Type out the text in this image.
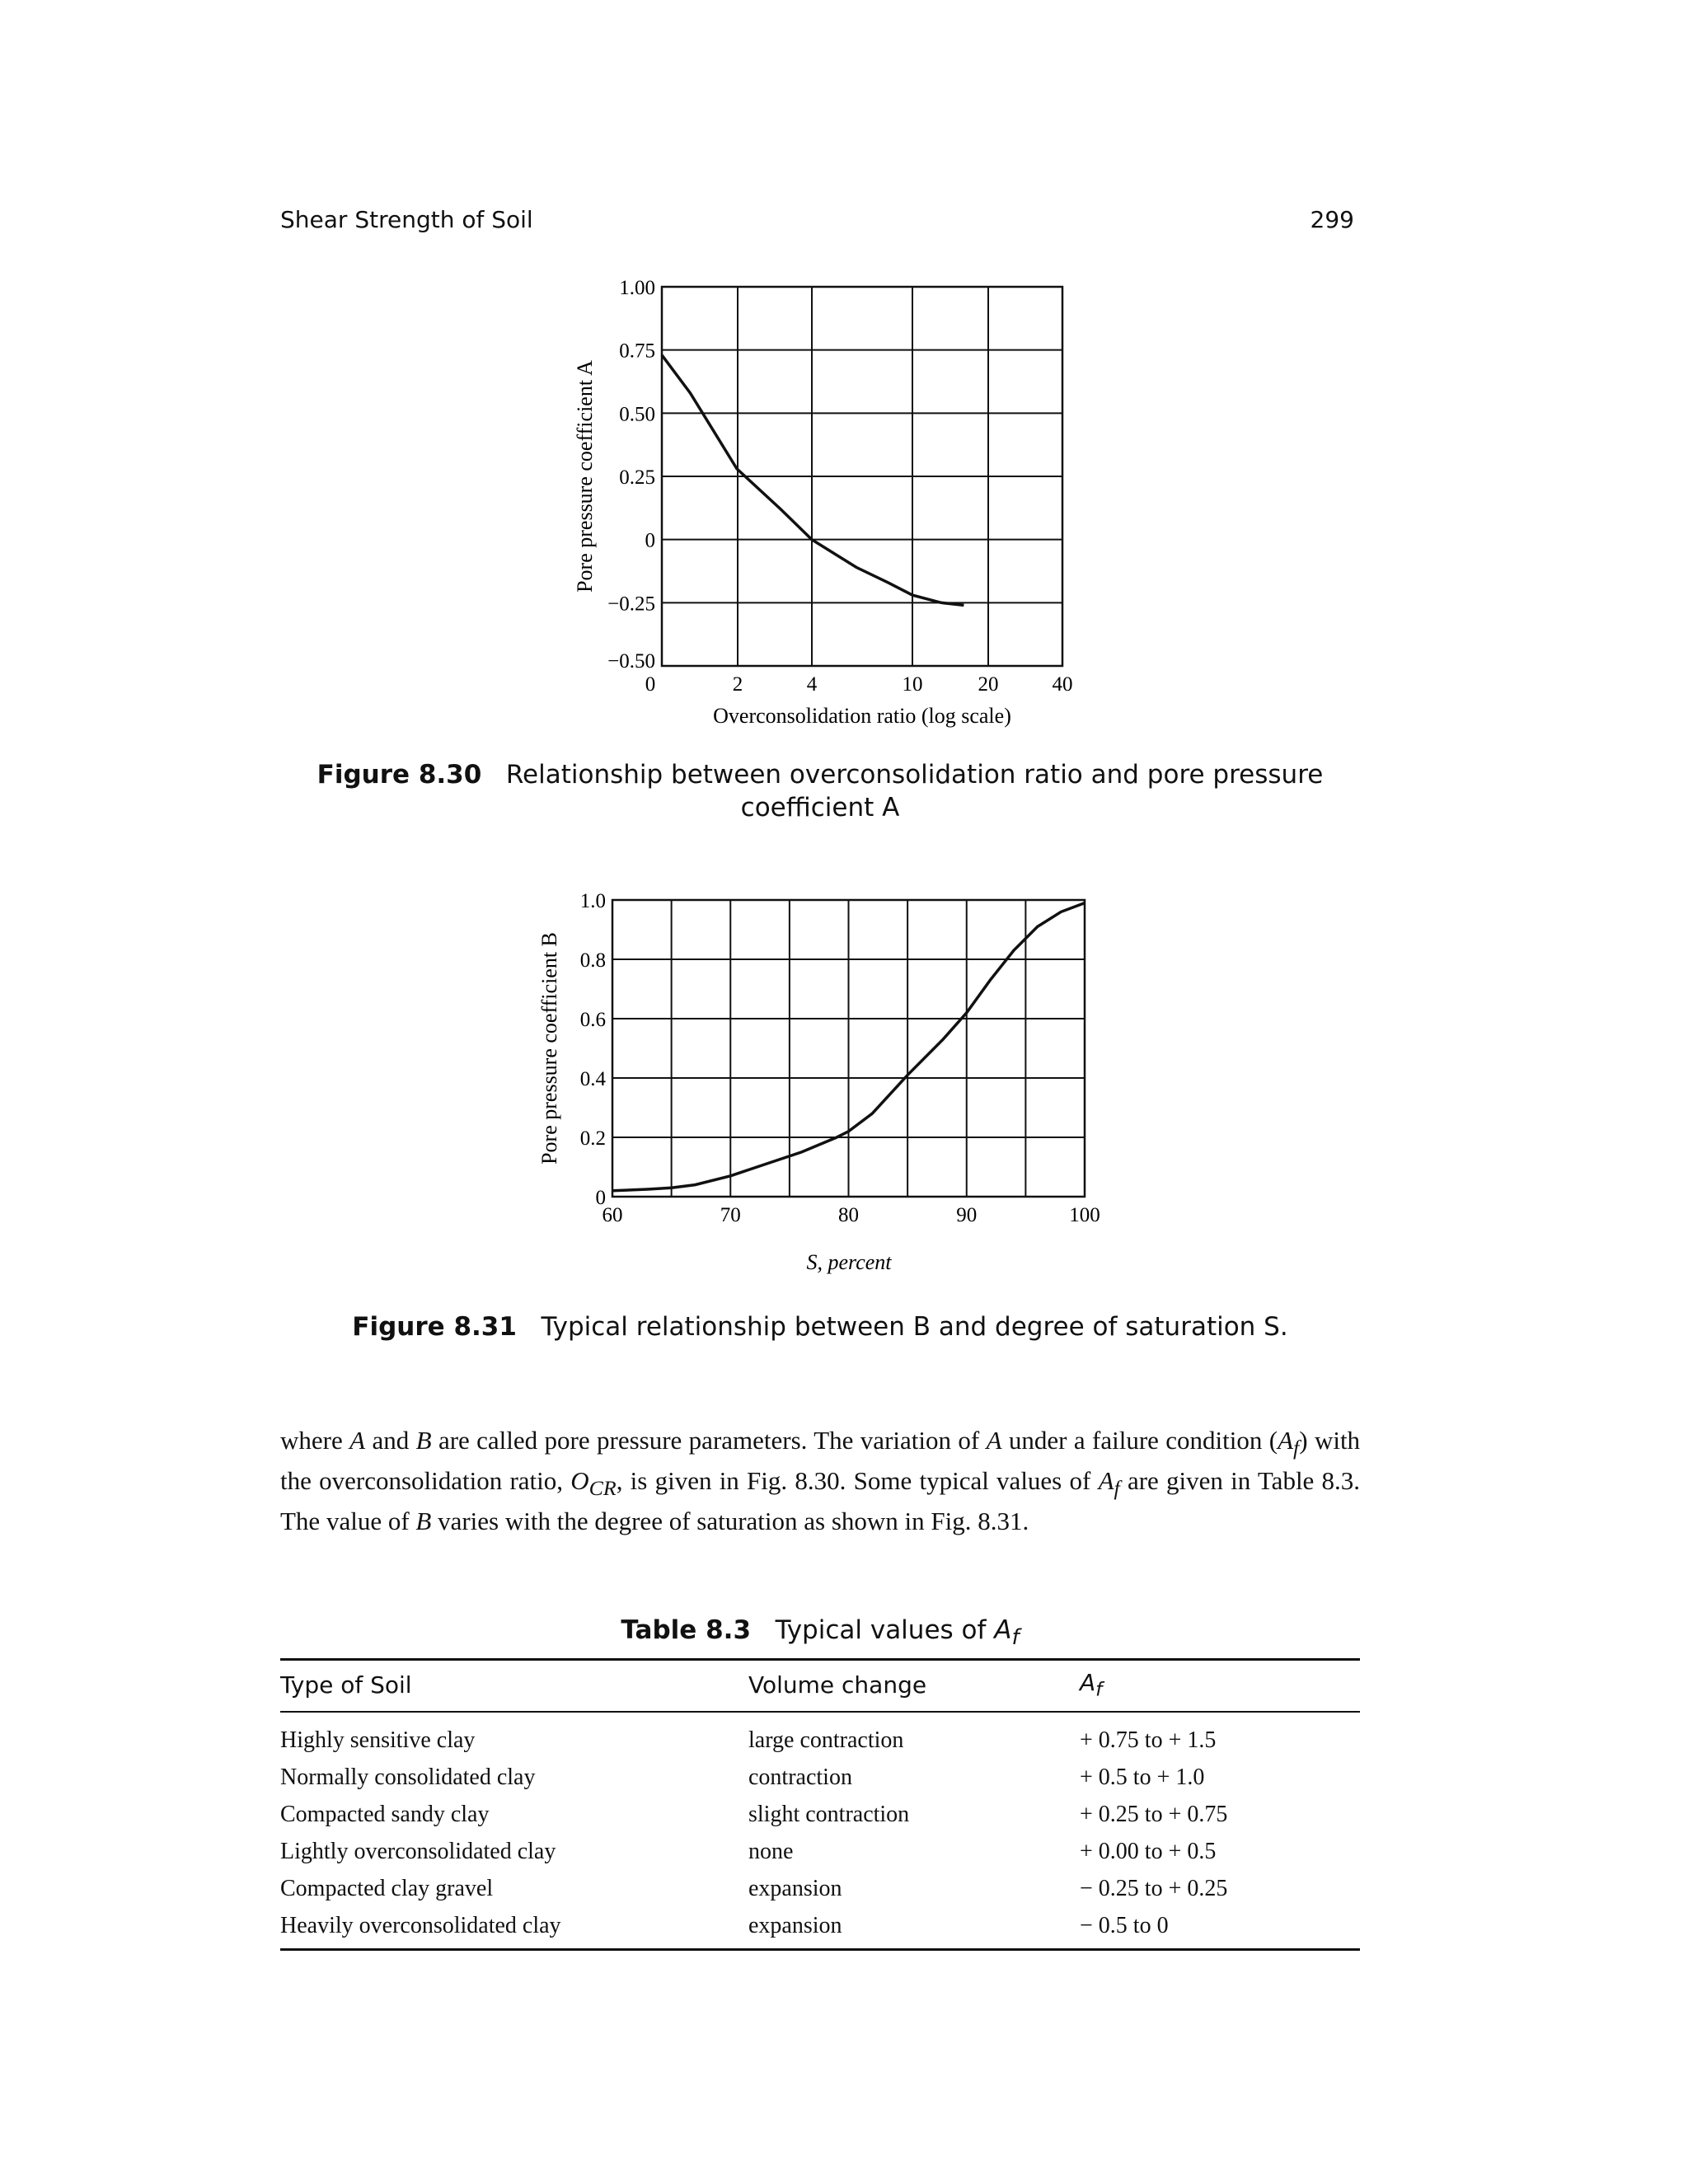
Shear Strength of Soil	299
1.00
0.75
0.50
0.25
0
−0.25
−0.50
0	2	4	10	20	40
Overconsolidation ratio (log scale)
Pore pressure coefficient A
Figure 8.30 Relationship between overconsolidation ratio and pore pressure
coefficient A
1.0
0.8
0.6
0.4
0.2
0
60	70	80	90	100
S, percent
Pore pressure coefficient B
Figure 8.31 Typical relationship between B and degree of saturation S.
where A and B are called pore pressure parameters. The variation of A under a failure condition $(A_f)$ with the overconsolidation ratio, $O_{CR}$, is given in Fig. 8.30. Some typical values of $A_f$ are given in Table 8.3. The value of B varies with the degree of saturation as shown in Fig. 8.31.
Table 8.3 Typical values of $A_f$
Type of Soil	Volume change	$A_f$
Highly sensitive clay	large contraction	+ 0.75 to + 1.5
Normally consolidated clay	contraction	+ 0.5 to + 1.0
Compacted sandy clay	slight contraction	+ 0.25 to + 0.75
Lightly overconsolidated clay	none	+ 0.00 to + 0.5
Compacted clay gravel	expansion	− 0.25 to + 0.25
Heavily overconsolidated clay	expansion	− 0.5 to 0
